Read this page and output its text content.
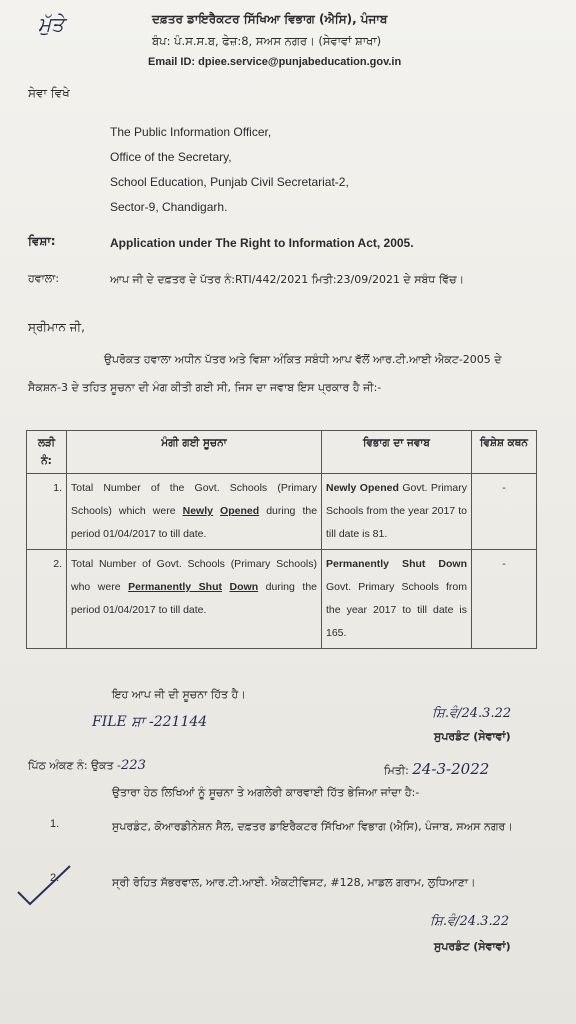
ਮੁੱਤੇ	ਦਫ਼ਤਰ ਡਾਇਰੈਕਟਰ ਸਿੱਖਿਆ ਵਿਭਾਗ (ਐਸਿ), ਪੰਜਾਬ
ਬੰਪ: ਪੰ.ਸ.ਸ.ਬ, ਫੇਜ਼:8, ਸਅਸ ਨਗਰ। (ਸੇਵਾਵਾਂ ਸ਼ਾਖਾ)
Email ID: dpiee.service@punjabeducation.gov.in
ਸੇਵਾ ਵਿਖੇ
The Public Information Officer,
Office of the Secretary,
School Education, Punjab Civil Secretariat-2,
Sector-9, Chandigarh.
ਵਿਸ਼ਾ:	Application under The Right to Information Act, 2005.
ਹਵਾਲਾ:	ਆਪ ਜੀ ਦੇ ਦਫ਼ਤਰ ਦੇ ਪੱਤਰ ਨੰ:RTI/442/2021 ਮਿਤੀ:23/09/2021 ਦੇ ਸਬੰਧ ਵਿੱਚ।
ਸ੍ਰੀਮਾਨ ਜੀ,
ਉਪਰੋਕਤ ਹਵਾਲਾ ਅਧੀਨ ਪੱਤਰ ਅਤੇ ਵਿਸ਼ਾ ਅੰਕਿਤ ਸਬੰਧੀ ਆਪ ਵੱਲੋਂ ਆਰ.ਟੀ.ਆਈ ਐਕਟ-2005 ਦੇ ਸੈਕਸ਼ਨ-3 ਦੇ ਤਹਿਤ ਸੂਚਨਾ ਦੀ ਮੰਗ ਕੀਤੀ ਗਈ ਸੀ, ਜਿਸ ਦਾ ਜਵਾਬ ਇਸ ਪ੍ਰਕਾਰ ਹੈ ਜੀ:-
ਲੜੀ ਨੰ:	ਮੰਗੀ ਗਈ ਸੂਚਨਾ	ਵਿਭਾਗ ਦਾ ਜਵਾਬ	ਵਿਸ਼ੇਸ਼ ਕਥਨ
1.	Total Number of the Govt. Schools (Primary Schools) which were Newly Opened during the period 01/04/2017 to till date.	Newly Opened Govt. Primary Schools from the year 2017 to till date is 81.	-
2.	Total Number of Govt. Schools (Primary Schools) who were Permanently Shut Down during the period 01/04/2017 to till date.	Permanently Shut Down Govt. Primary Schools from the year 2017 to till date is 165.	-
ਇਹ ਆਪ ਜੀ ਦੀ ਸੂਚਨਾ ਹਿੱਤ ਹੈ।
FILE ਸ਼ਾ -221144
ਸ਼ਿ.ਵੰ/24.3.22
ਸੁਪਰਡੰਟ (ਸੇਵਾਵਾਂ)
ਪਿੱਠ ਅੰਕਣ ਨੰ: ਉਕਤ -223	ਮਿਤੀ: 24-3-2022
ਉਤਾਰਾ ਹੇਠ ਲਿਖਿਆਂ ਨੂੰ ਸੂਚਨਾ ਤੇ ਅਗਲੇਰੀ ਕਾਰਵਾਈ ਹਿੱਤ ਭੇਜਿਆ ਜਾਂਦਾ ਹੈ:-
1.	ਸੁਪਰਡੰਟ, ਕੋਆਰਡੀਨੇਸ਼ਨ ਸੈਲ, ਦਫ਼ਤਰ ਡਾਇਰੈਕਟਰ ਸਿੱਖਿਆ ਵਿਭਾਗ (ਐਸਿ), ਪੰਜਾਬ, ਸਅਸ ਨਗਰ।
2.	ਸ੍ਰੀ ਰੋਹਿਤ ਸੱਭਰਵਾਲ, ਆਰ.ਟੀ.ਆਈ. ਐਕਟੀਵਿਸਟ, #128, ਮਾਡਲ ਗਰਾਮ, ਲੁਧਿਆਣਾ।
ਸ਼ਿ.ਵੰ/24.3.22
ਸੁਪਰਡੰਟ (ਸੇਵਾਵਾਂ)
